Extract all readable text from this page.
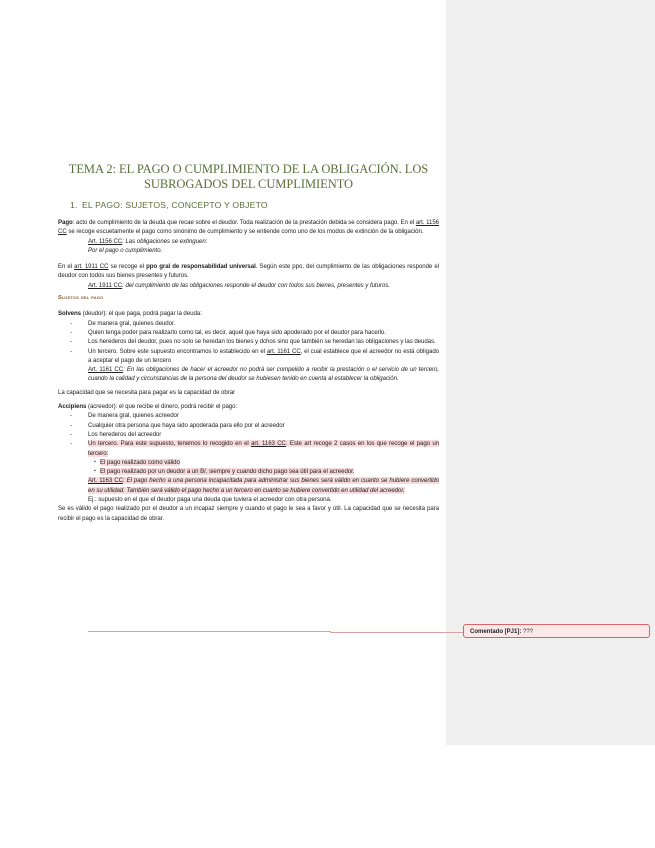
TEMA 2: EL PAGO O CUMPLIMIENTO DE LA OBLIGACIÓN. LOS SUBROGADOS DEL CUMPLIMIENTO
1. EL PAGO: SUJETOS, CONCEPTO Y OBJETO

Pago: acto de cumplimiento de la deuda que recae sobre el deudor. Toda realización de la prestación debida se considera pago. En el art. 1156 CC se recoge escuetamente el pago como sinónimo de cumplimiento y se entiende como uno de los modos de extinción de la obligación.

Art. 1156 CC: Las obligaciones se extinguen:
Por el pago o cumplimiento.

En el art. 1911 CC se recoge el ppo gral de responsabilidad universal. Según este ppo, del cumplimiento de las obligaciones responde el deudor con todos sus bienes presentes y futuros.

Art. 1911 CC: del cumplimiento de las obligaciones responde el deudor con todos sus bienes, presentes y futuros.
Sujetos del pago

Solvens (deudor): el que paga, podrá pagar la deuda:

- De manera gral, quienes deudor.
- Quien tenga poder para realizarlo como tal, es decir, aquel que haya sido apoderado por el deudor para hacerlo.
- Los herederos del deudor, pues no solo se heredan los bienes y dchos sino que también se heredan las obligaciones y las deudas.
- Un tercero. Sobre este supuesto encontramos lo establecido en el art. 1161 CC, el cual establece que el acreedor no está obligado a aceptar el pago de un tercero
Art. 1161 CC: En las obligaciones de hacer el acreedor no podrá ser compelido a recibir la prestación o el servicio de un tercero, cuando la calidad y circunstancias de la persona del deudor se hubiesen tenido en cuenta al establecer la obligación.

La capacidad que se necesita para pagar es la capacidad de obrar

Accipiens (acreedor): el que recibe el dinero, podrá recibir el pago:

- De manera gral, quienes acreedor
- Cualquier otra persona que haya sido apoderada para ello por el acreedor
- Los herederos del acreedor
- Un tercero. Para este supuesto, tenemos lo recogido en el art. 1163 CC. Este art recoge 2 casos en los que recoge el pago un tercero:
▪ El pago realizado como válido
▪ El pago realizado por un deudor a un B/, siempre y cuando dicho pago sea útil para el acreedor.
Art. 1163 CC: El pago hecho a una persona incapacitada para administrar sus bienes será válido en cuanto se hubiere convertido en su utilidad. También será válido el pago hecho a un tercero en cuanto se hubiere convertido en utilidad del acreedor.
Ej.: supuesto en el que el deudor paga una deuda que tuviera el acreedor con otra persona.

Se es válido el pago realizado por el deudor a un incapaz siempre y cuando el pago le sea a favor y útil. La capacidad que se necesita para recibir el pago es la capacidad de obrar.

Comentado [PJ1]: ???
